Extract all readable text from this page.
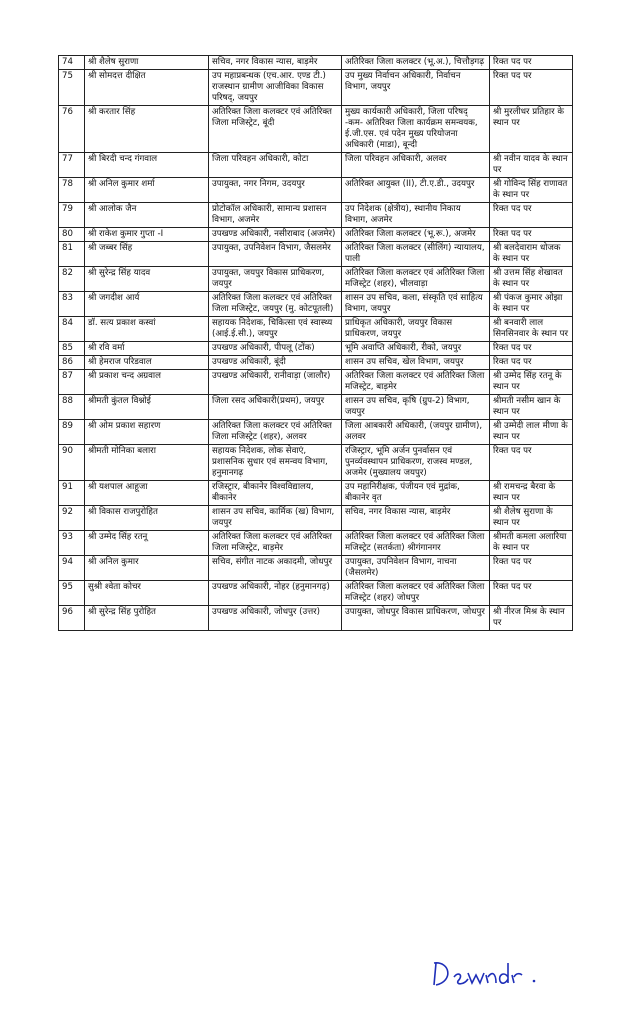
74	श्री शैलेष सुराणा	सचिव, नगर विकास न्यास, बाड़मेर	अतिरिक्त जिला कलक्टर (भू.अ.), चित्तौड़गढ़	रिक्त पद पर
75	श्री सोमदत्त दीक्षित	उप महाप्रबन्धक (एच.आर. एण्ड टी.) राजस्थान ग्रामीण आजीविका विकास परिषद्, जयपुर	उप मुख्य निर्वाचन अधिकारी, निर्वाचन विभाग, जयपुर	रिक्त पद पर
76	श्री करतार सिंह	अतिरिक्त जिला कलक्टर एवं अतिरिक्त जिला मजिस्ट्रेट, बूंदी	मुख्य कार्यकारी अधिकारी, जिला परिषद् -कम- अतिरिक्त जिला कार्यक्रम समन्वयक, ई.जी.एस. एवं पदेन मुख्य परियोजना अधिकारी (माडा), बून्दी	श्री मुरलीधर प्रतिहार के स्थान पर
77	श्री बिरदी चन्द गंगवाल	जिला परिवहन अधिकारी, कोटा	जिला परिवहन अधिकारी, अलवर	श्री नवीन यादव के स्थान पर
78	श्री अनिल कुमार शर्मा	उपायुक्त, नगर निगम, उदयपुर	अतिरिक्त आयुक्त (II), टी.ए.डी., उदयपुर	श्री गोविन्द सिंह राणावत के स्थान पर
79	श्री आलोक जैन	प्रोटोकॉल अधिकारी, सामान्य प्रशासन विभाग, अजमेर	उप निदेशक (क्षेत्रीय), स्थानीय निकाय विभाग, अजमेर	रिक्त पद पर
80	श्री राकेश कुमार गुप्ता -I	उपखण्ड अधिकारी, नसीराबाद (अजमेर)	अतिरिक्त जिला कलक्टर (भू.रू.), अजमेर	रिक्त पद पर
81	श्री जब्बर सिंह	उपायुक्त, उपनिवेशन विभाग, जैसलमेर	अतिरिक्त जिला कलक्टर (सीलिंग) न्यायालय, पाली	श्री बलदेवाराम धोजक के स्थान पर
82	श्री सुरेन्द्र सिंह यादव	उपायुक्त, जयपुर विकास प्राधिकरण, जयपुर	अतिरिक्त जिला कलक्टर एवं अतिरिक्त जिला मजिस्ट्रेट (शहर), भीलवाड़ा	श्री उत्तम सिंह शेखावत के स्थान पर
83	श्री जगदीश आर्य	अतिरिक्त जिला कलक्टर एवं अतिरिक्त जिला मजिस्ट्रेट, जयपुर (मु. कोटपूतली)	शासन उप सचिव, कला, संस्कृति एवं साहित्य विभाग, जयपुर	श्री पंकज कुमार ओझा के स्थान पर
84	डॉ. सत्य प्रकाश कस्वां	सहायक निदेशक, चिकित्सा एवं स्वास्थ्य (आई.ई.सी.), जयपुर	प्राधिकृत अधिकारी, जयपुर विकास प्राधिकरण, जयपुर	श्री बनवारी लाल सिनसिनवार के स्थान पर
85	श्री रवि वर्मा	उपखण्ड अधिकारी, पीपलू (टोंक)	भूमि अवाप्ति अधिकारी, रीको, जयपुर	रिक्त पद पर
86	श्री हेमराज परिडवाल	उपखण्ड अधिकारी, बूंदी	शासन उप सचिव, खेल विभाग, जयपुर	रिक्त पद पर
87	श्री प्रकाश चन्द अग्रवाल	उपखण्ड अधिकारी, रानीवाड़ा (जालौर)	अतिरिक्त जिला कलक्टर एवं अतिरिक्त जिला मजिस्ट्रेट, बाड़मेर	श्री उम्मेद सिंह रतनू के स्थान पर
88	श्रीमती कुंतल विश्नोई	जिला रसद अधिकारी(प्रथम), जयपुर	शासन उप सचिव, कृषि (ग्रुप-2) विभाग, जयपुर	श्रीमती नसीम खान के स्थान पर
89	श्री ओम प्रकाश सहारण	अतिरिक्त जिला कलक्टर एवं अतिरिक्त जिला मजिस्ट्रेट (शहर), अलवर	जिला आबकारी अधिकारी, (जयपुर ग्रामीण), अलवर	श्री उम्मेदी लाल मीणा के स्थान पर
90	श्रीमती मोनिका बलारा	सहायक निदेशक, लोक सेवाएं, प्रशासनिक सुधार एवं समन्वय विभाग, हनुमानगढ़	रजिस्ट्रार, भूमि अर्जन पुनर्वासन एवं पुनर्व्यवस्थापन प्राधिकरण, राजस्व मण्डल, अजमेर (मुख्यालय जयपुर)	रिक्त पद पर
91	श्री यशपाल आहूजा	रजिस्ट्रार, बीकानेर विश्वविद्यालय, बीकानेर	उप महानिरीक्षक, पंजीयन एवं मुद्रांक, बीकानेर वृत	श्री रामचन्द्र बैरवा के स्थान पर
92	श्री विकास राजपुरोहित	शासन उप सचिव, कार्मिक (ख) विभाग, जयपुर	सचिव, नगर विकास न्यास, बाड़मेर	श्री शैलेष सुराणा के स्थान पर
93	श्री उम्मेद सिंह रतनू	अतिरिक्त जिला कलक्टर एवं अतिरिक्त जिला मजिस्ट्रेट, बाड़मेर	अतिरिक्त जिला कलक्टर एवं अतिरिक्त जिला मजिस्ट्रेट (सतर्कता) श्रीगंगानगर	श्रीमती कमला अलारिया के स्थान पर
94	श्री अनिल कुमार	सचिव, संगीत नाटक अकादमी, जोधपुर	उपायुक्त, उपनिवेशन विभाग, नाचना (जैसलमेर)	रिक्त पद पर
95	सुश्री श्वेता कोचर	उपखण्ड अधिकारी, नोहर (हनुमानगढ़)	अतिरिक्त जिला कलक्टर एवं अतिरिक्त जिला मजिस्ट्रेट (शहर) जोधपुर	रिक्त पद पर
96	श्री सुरेन्द्र सिंह पुरोहित	उपखण्ड अधिकारी, जोधपुर (उत्तर)	उपायुक्त, जोधपुर विकास प्राधिकरण, जोधपुर	श्री नीरज मिश्र के स्थान पर
